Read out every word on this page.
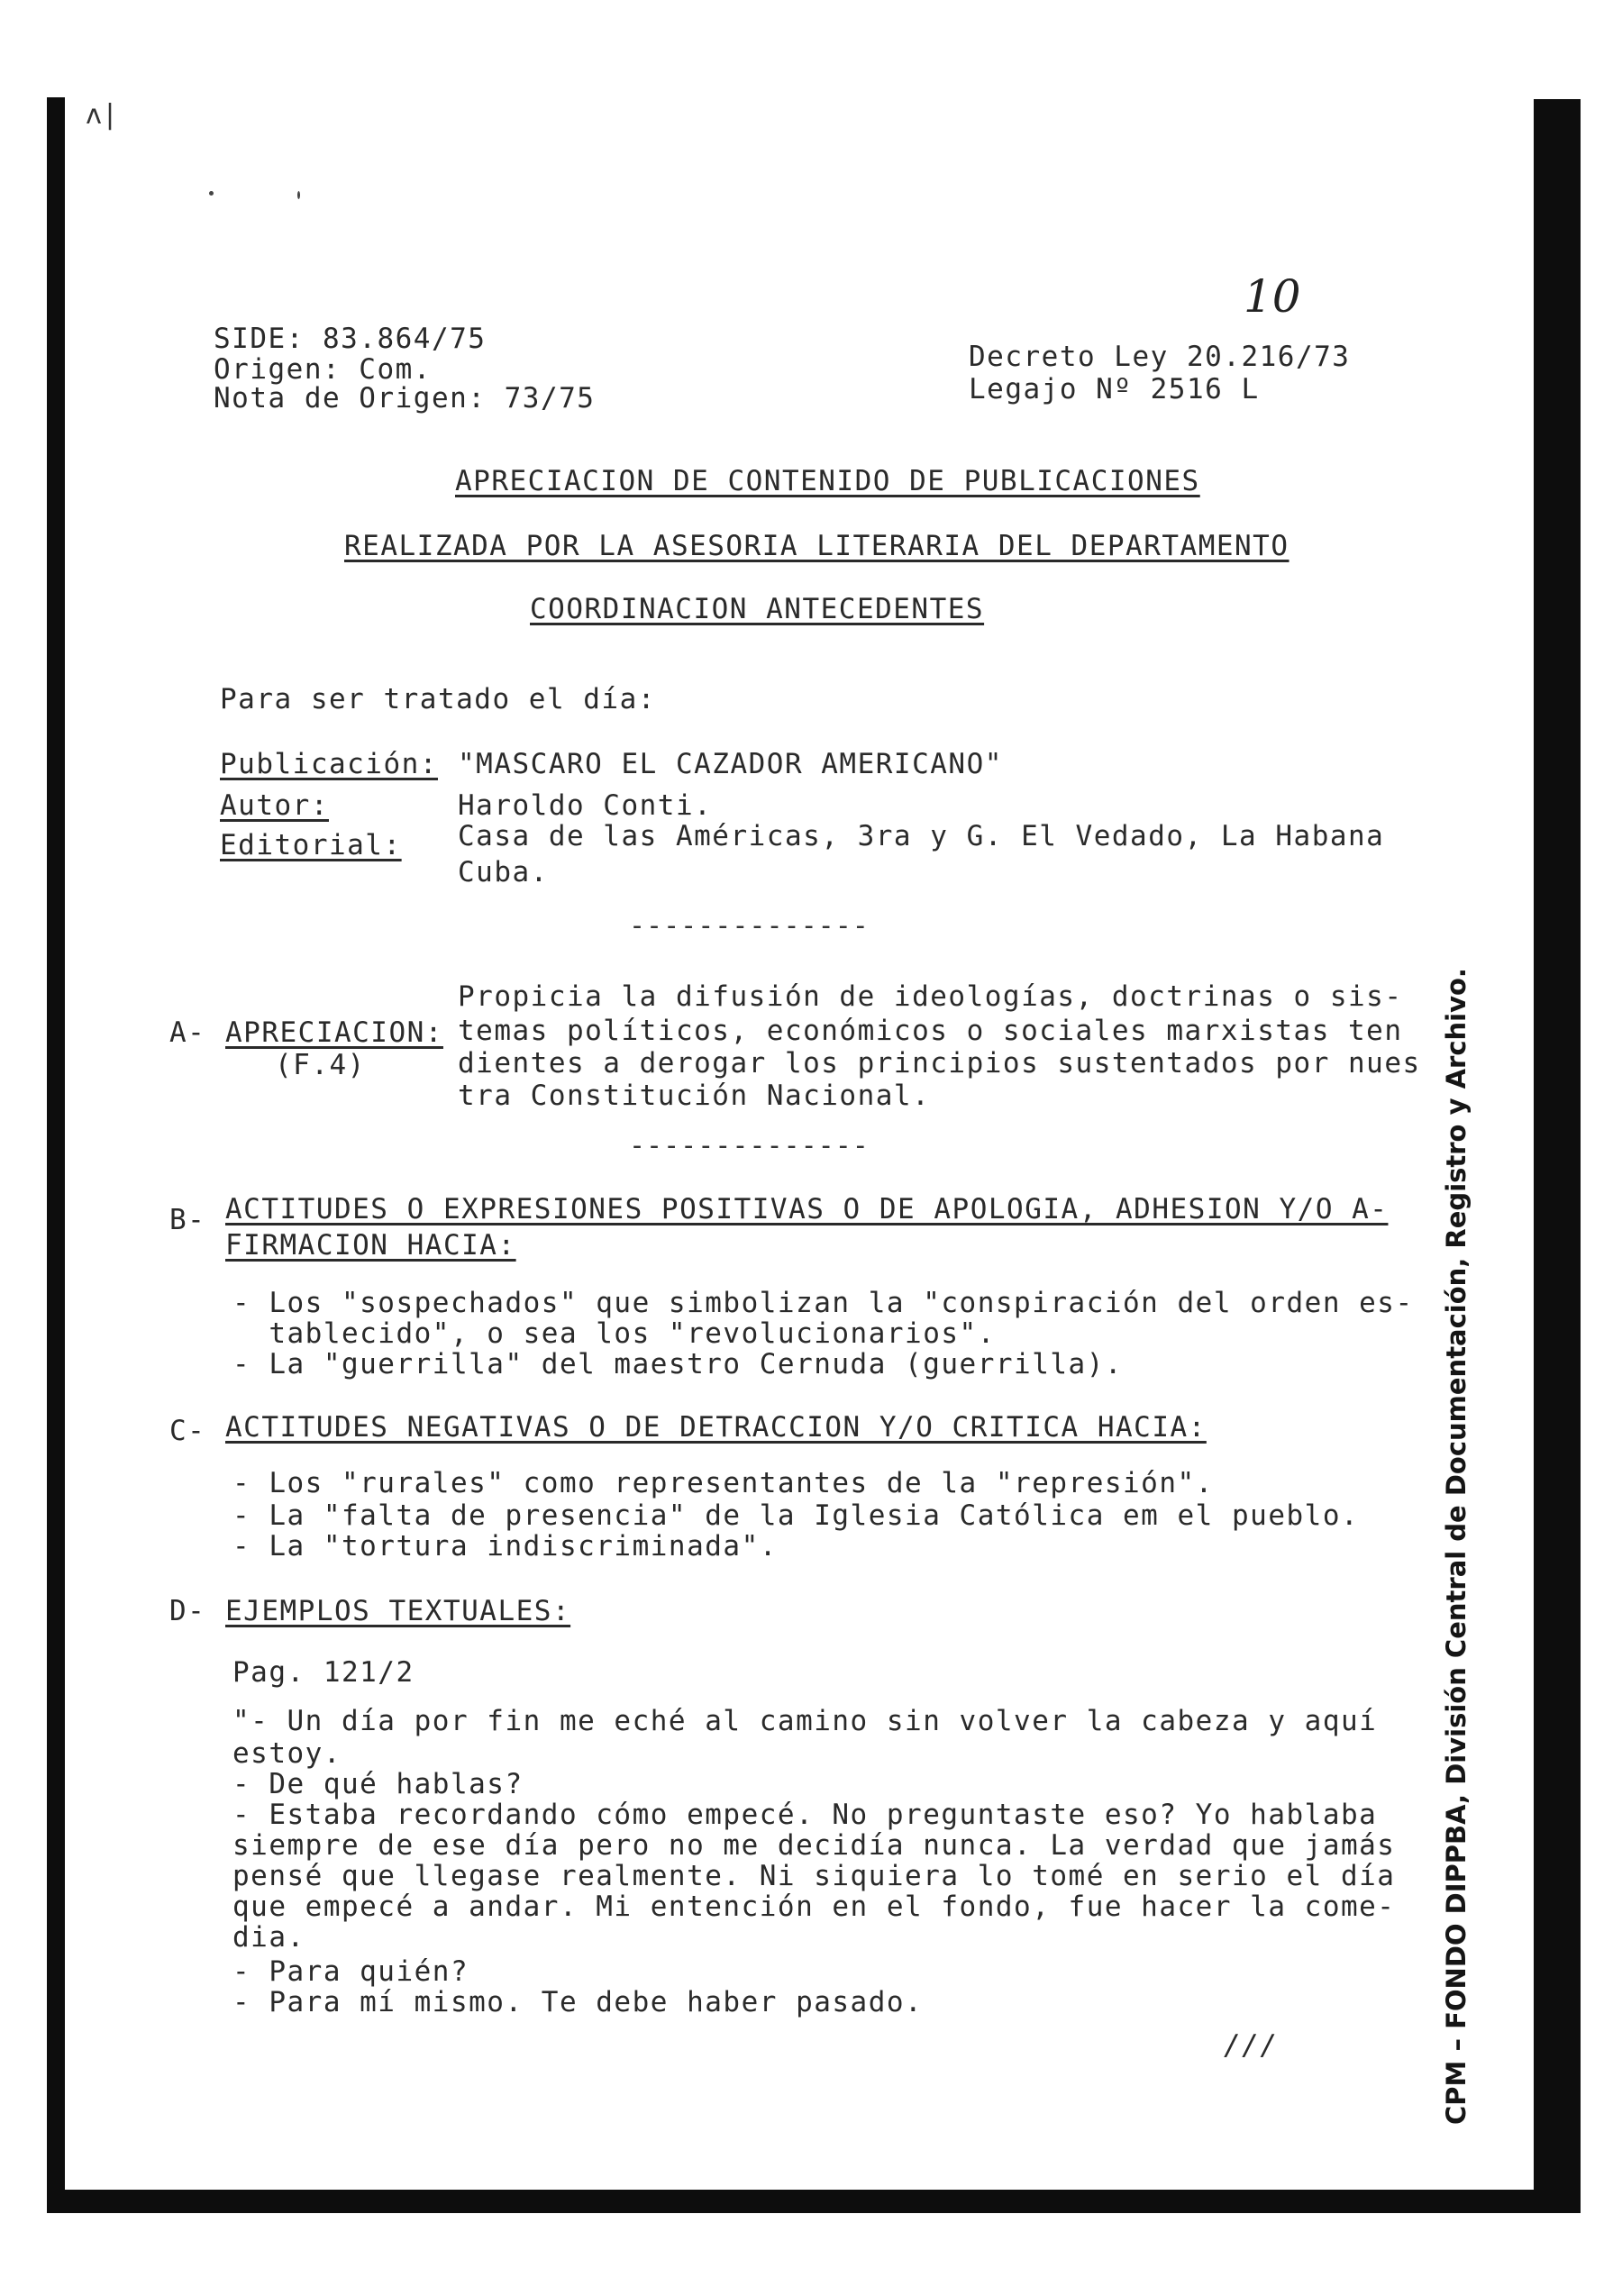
ʌ|
CPM – FONDO DIPPBA, División Central de Documentación, Registro y Archivo.
10
SIDE: 83.864/75
Origen: Com.
Nota de Origen: 73/75
Decreto Ley 20.216/73
Legajo Nº 2516 L
APRECIACION DE CONTENIDO DE PUBLICACIONES
REALIZADA POR LA ASESORIA LITERARIA DEL DEPARTAMENTO
COORDINACION ANTECEDENTES
Para ser tratado el día:
Publicación: "MASCARO EL CAZADOR AMERICANO"
Autor:	Haroldo Conti.
Editorial: Casa de las Américas, 3ra y G. El Vedado, La Habana
Cuba.
--------------
Propicia la difusión de ideologías, doctrinas o sis-
A- APRECIACION: temas políticos, económicos o sociales marxistas ten
(F.4)	dientes a derogar los principios sustentados por nues
tra Constitución Nacional.
--------------
B- ACTITUDES O EXPRESIONES POSITIVAS O DE APOLOGIA, ADHESION Y/O A-
FIRMACION HACIA:
- Los "sospechados" que simbolizan la "conspiración del orden es-
tablecido", o sea los "revolucionarios".
- La "guerrilla" del maestro Cernuda (guerrilla).
C- ACTITUDES NEGATIVAS O DE DETRACCION Y/O CRITICA HACIA:
- Los "rurales" como representantes de la "represión".
- La "falta de presencia" de la Iglesia Católica em el pueblo.
- La "tortura indiscriminada".
D- EJEMPLOS TEXTUALES:
Pag. 121/2
"- Un día por fin me eché al camino sin volver la cabeza y aquí
estoy.
- De qué hablas?
- Estaba recordando cómo empecé. No preguntaste eso? Yo hablaba
siempre de ese día pero no me decidía nunca. La verdad que jamás
pensé que llegase realmente. Ni siquiera lo tomé en serio el día
que empecé a andar. Mi entención en el fondo, fue hacer la come-
dia.
- Para quién?
- Para mí mismo. Te debe haber pasado.
///
